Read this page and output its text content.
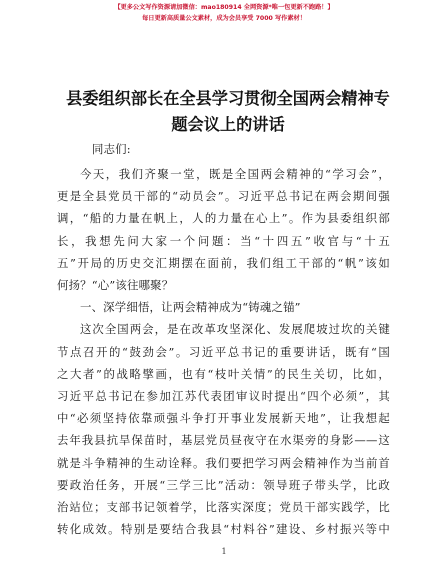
【更多公文写作资源请加微信：mao180914 全网资源*唯一包更新不跑路！】
每日更新高质量公文素材，成为会员享受 7000 写作素材！
县委组织部长在全县学习贯彻全国两会精神专
题会议上的讲话
同志们:
今天，我们齐聚一堂，既是全国两会精神的“学习会”，
更是全县党员干部的“动员会”。习近平总书记在两会期间强
调，“船的力量在帆上，人的力量在心上”。作为县委组织部
长，我想先问大家一个问题：当“十四五”收官与“十五
五”开局的历史交汇期摆在面前，我们组工干部的“帆”该如
何扬？“心”该往哪聚？
一、深学细悟，让两会精神成为“铸魂之锚”
这次全国两会，是在改革攻坚深化、发展爬坡过坎的关键
节点召开的“鼓劲会”。习近平总书记的重要讲话，既有“国
之大者”的战略擘画，也有“枝叶关情”的民生关切，比如，
习近平总书记在参加江苏代表团审议时提出“四个必须”，其
中“必须坚持依靠顽强斗争打开事业发展新天地”，让我想起
去年我县抗旱保苗时，基层党员昼夜守在水渠旁的身影——这
就是斗争精神的生动诠释。我们要把学习两会精神作为当前首
要政治任务，开展“三学三比”活动：领导班子带头学，比政
1
治站位；支部书记领着学，比落实深度；党员干部实践学，比
转化成效。特别是要结合我县“村料谷”建设、乡村振兴等中
